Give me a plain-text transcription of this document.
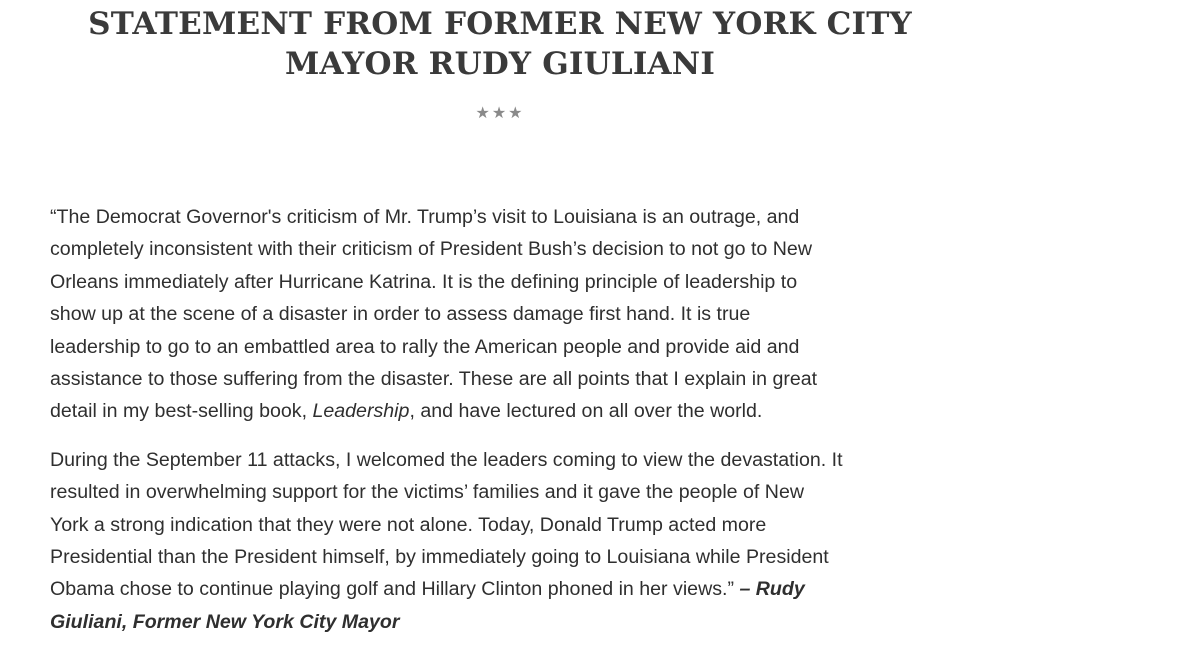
STATEMENT FROM FORMER NEW YORK CITY
MAYOR RUDY GIULIANI
★★★

“The Democrat Governor's criticism of Mr. Trump’s visit to Louisiana is an outrage, and
completely inconsistent with their criticism of President Bush’s decision to not go to New
Orleans immediately after Hurricane Katrina. It is the defining principle of leadership to
show up at the scene of a disaster in order to assess damage first hand. It is true
leadership to go to an embattled area to rally the American people and provide aid and
assistance to those suffering from the disaster. These are all points that I explain in great
detail in my best-selling book, Leadership, and have lectured on all over the world.

During the September 11 attacks, I welcomed the leaders coming to view the devastation. It
resulted in overwhelming support for the victims’ families and it gave the people of New
York a strong indication that they were not alone. Today, Donald Trump acted more
Presidential than the President himself, by immediately going to Louisiana while President
Obama chose to continue playing golf and Hillary Clinton phoned in her views.” – Rudy
Giuliani, Former New York City Mayor
